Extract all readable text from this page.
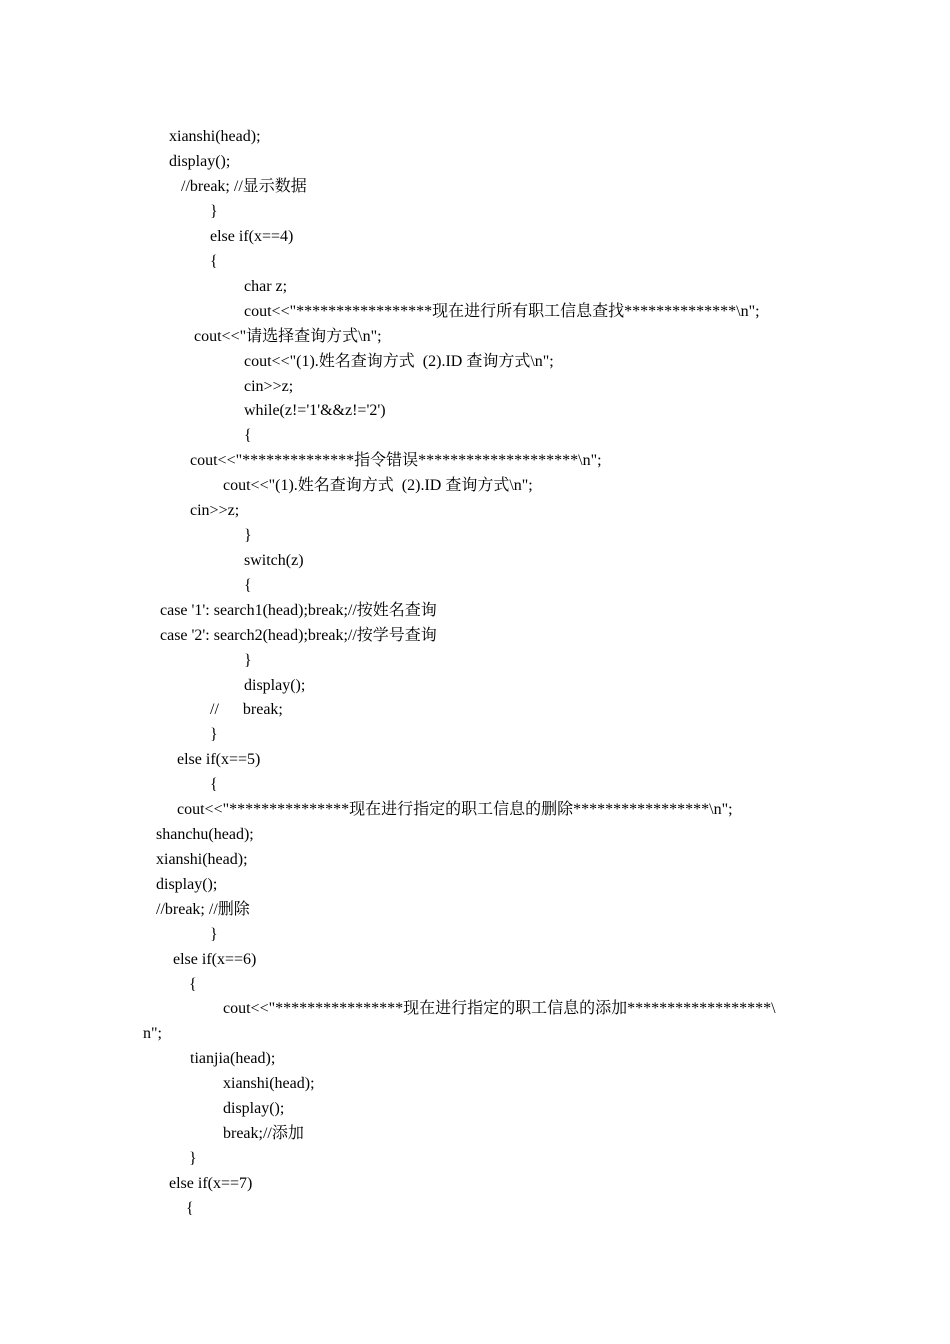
xianshi(head);
display();
//break; //显示数据
}
else if(x==4)
{
char z;
cout<<"*****************现在进行所有职工信息查找**************\n";
cout<<"请选择查询方式\n";
cout<<"(1).姓名查询方式  (2).ID 查询方式\n";
cin>>z;
while(z!='1'&&z!='2')
{
cout<<"**************指令错误********************\n";
cout<<"(1).姓名查询方式  (2).ID 查询方式\n";
cin>>z;
}
switch(z)
{
case '1': search1(head);break;//按姓名查询
case '2': search2(head);break;//按学号查询
}
display();
//      break;
}
else if(x==5)
{
cout<<"***************现在进行指定的职工信息的删除*****************\n";
shanchu(head);
xianshi(head);
display();
//break; //删除
}
else if(x==6)
{
cout<<"****************现在进行指定的职工信息的添加******************\
n";
tianjia(head);
xianshi(head);
display();
break;//添加
}
else if(x==7)
{
